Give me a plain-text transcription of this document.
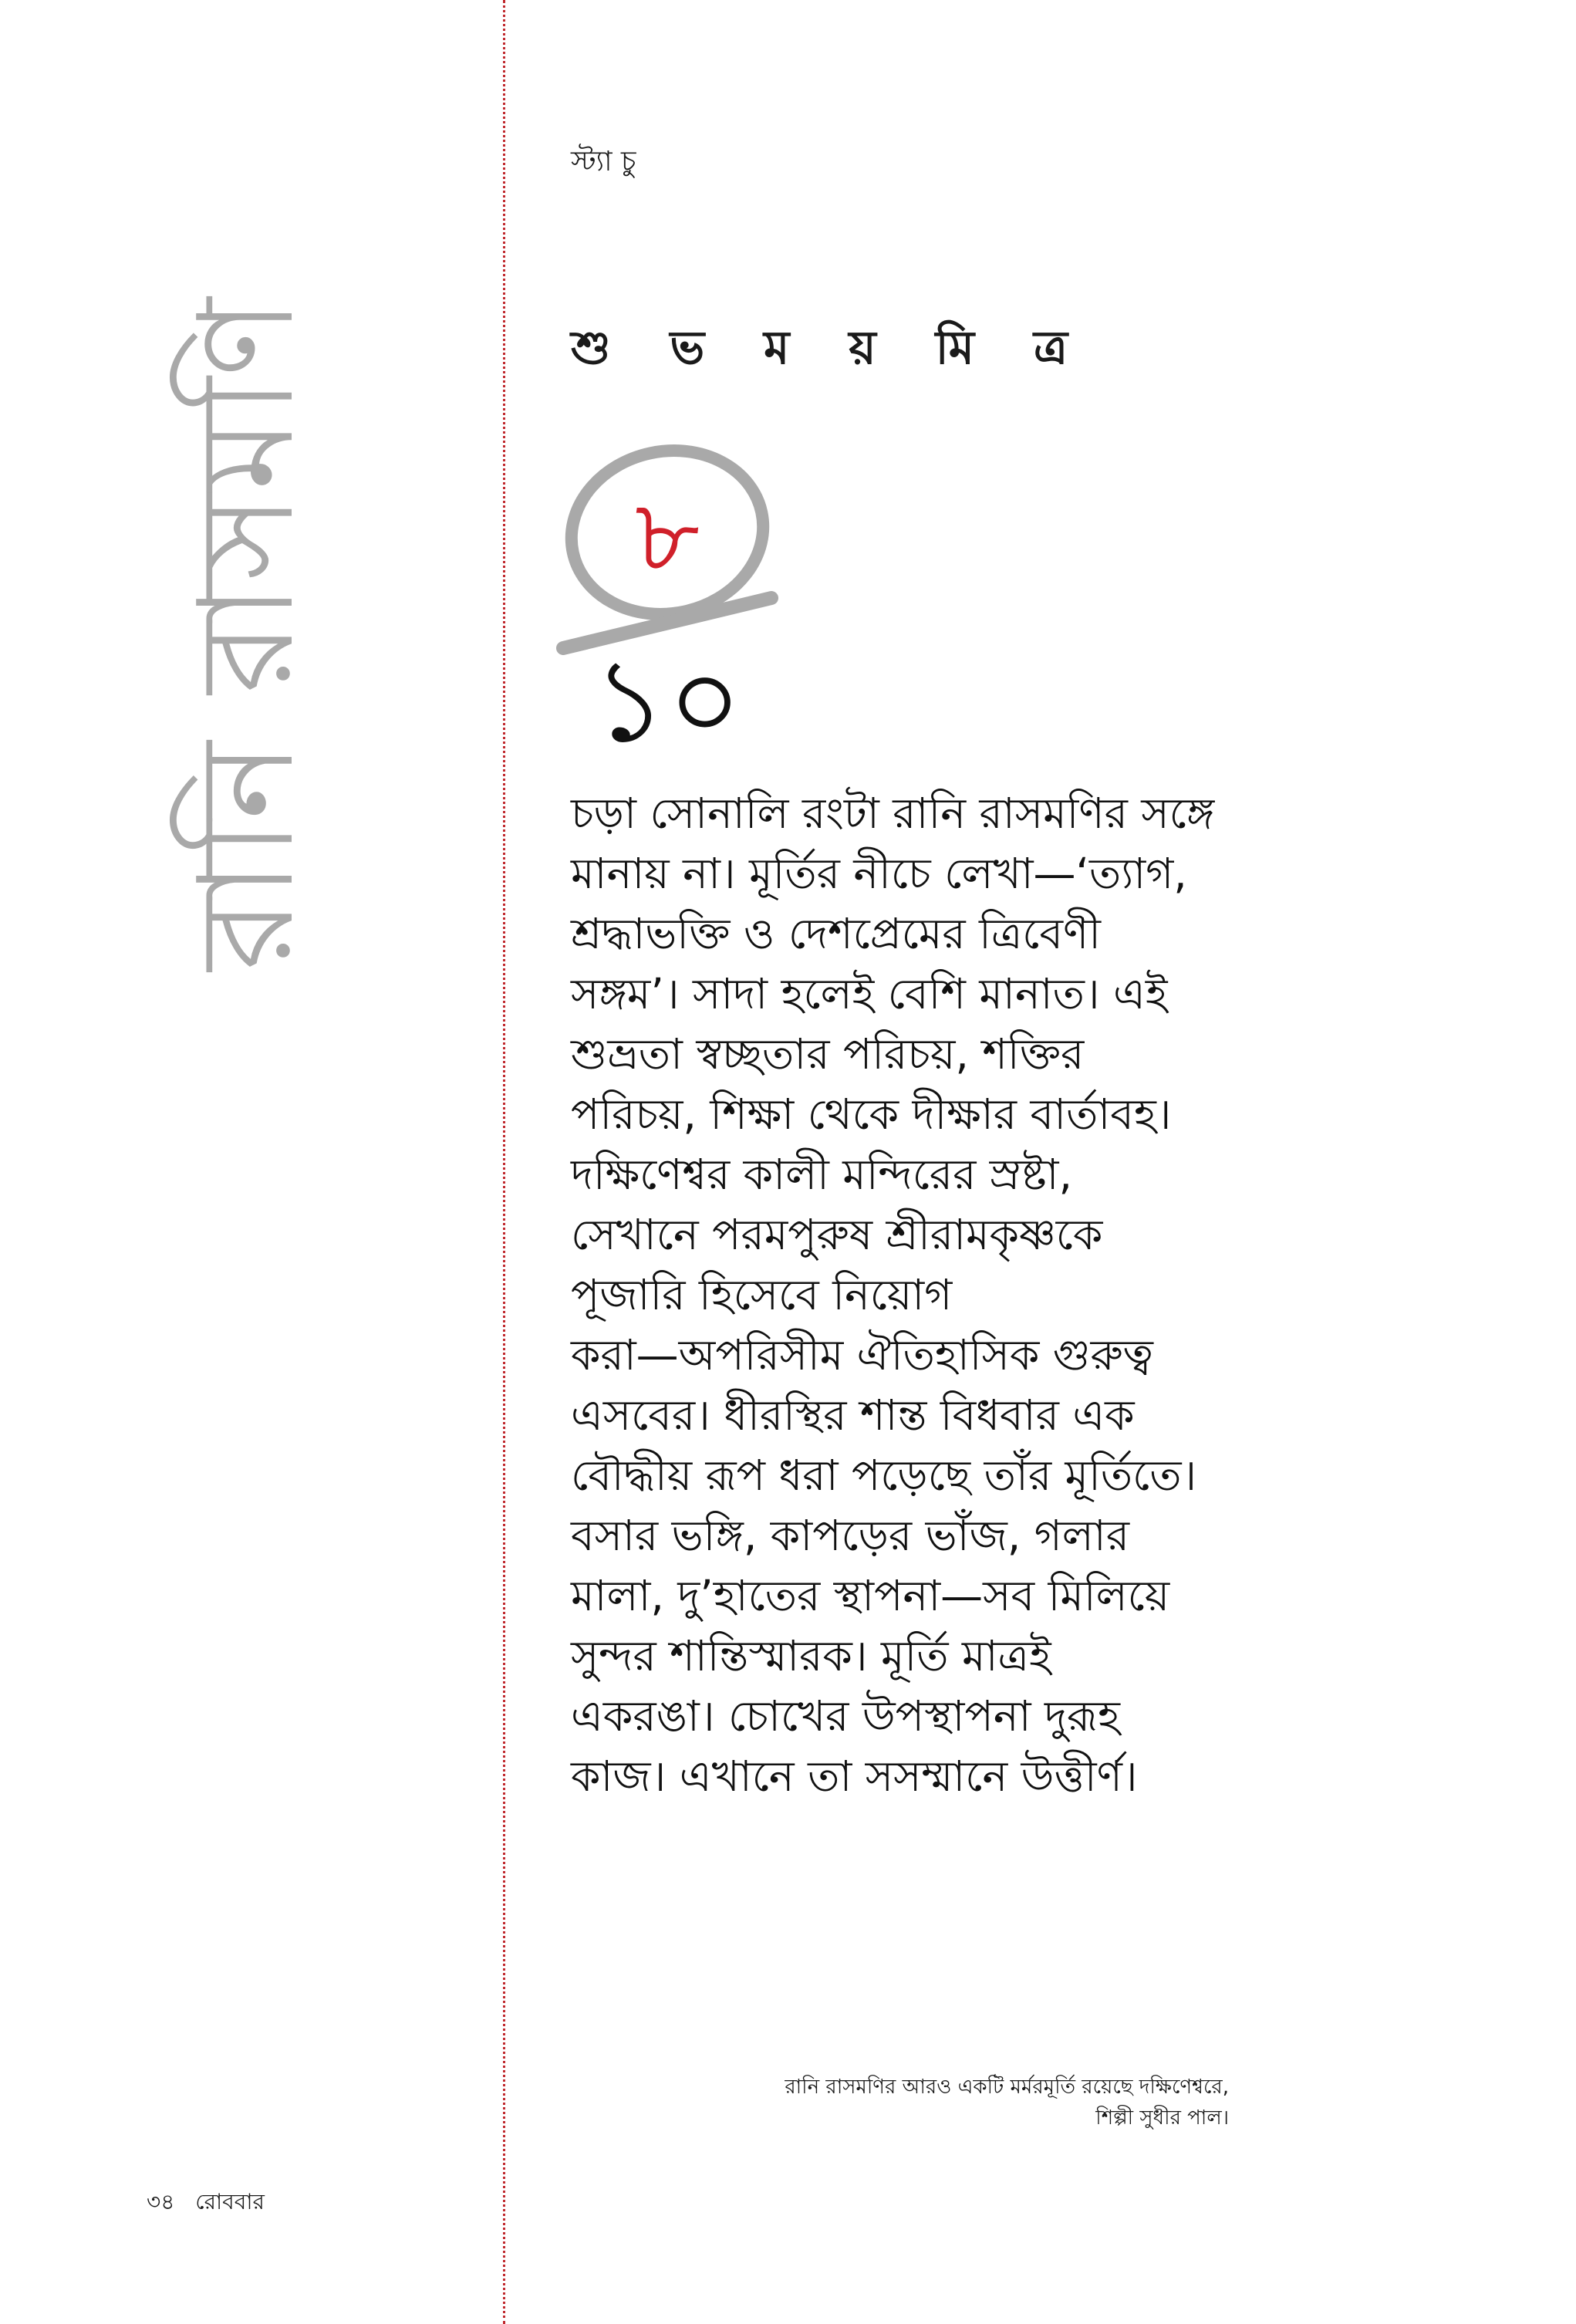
রানি রাসমণি
স্ট্যা চু
শু ভ ম য় মি ত্র
৮
১০

চড়া সোনালি রংটা রানি রাসমণির সঙ্গে

মানায় না। মূর্তির নীচে লেখা—‘ত্যাগ,

শ্রদ্ধাভক্তি ও দেশপ্রেমের ত্রিবেণী

সঙ্গম’। সাদা হলেই বেশি মানাত। এই

শুভ্রতা স্বচ্ছতার পরিচয়, শক্তির

পরিচয়, শিক্ষা থেকে দীক্ষার বার্তাবহ।

দক্ষিণেশ্বর কালী মন্দিরের স্রষ্টা,

সেখানে পরমপুরুষ শ্রীরামকৃষ্ণকে

পূজারি হিসেবে নিয়োগ

করা—অপরিসীম ঐতিহাসিক গুরুত্ব

এসবের। ধীরস্থির শান্ত বিধবার এক

বৌদ্ধীয় রূপ ধরা পড়েছে তাঁর মূর্তিতে।

বসার ভঙ্গি, কাপড়ের ভাঁজ, গলার

মালা, দু’হাতের স্থাপনা—সব মিলিয়ে

সুন্দর শান্তিস্মারক। মূর্তি মাত্রই

একরঙা। চোখের উপস্থাপনা দুরূহ

কাজ। এখানে তা সসম্মানে উত্তীর্ণ।

রানি রাসমণির আরও একটি মর্মরমূর্তি রয়েছে দক্ষিণেশ্বরে,
শিল্পী সুধীর পাল।
৩৪ রোববার
